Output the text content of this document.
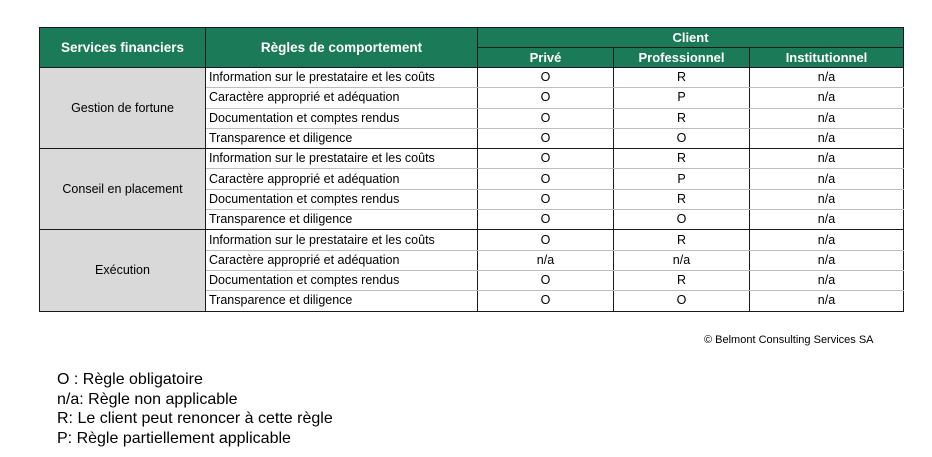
Services financiers	Règles de comportement	Client		
		Privé	Professionnel	Institutionnel
Gestion de fortune	Information sur le prestataire et les coûts	O	R	n/a
	Caractère approprié et adéquation	O	P	n/a
	Documentation et comptes rendus	O	R	n/a
	Transparence et diligence	O	O	n/a
Conseil en placement	Information sur le prestataire et les coûts	O	R	n/a
	Caractère approprié et adéquation	O	P	n/a
	Documentation et comptes rendus	O	R	n/a
	Transparence et diligence	O	O	n/a
Exécution	Information sur le prestataire et les coûts	O	R	n/a
	Caractère approprié et adéquation	n/a	n/a	n/a
	Documentation et comptes rendus	O	R	n/a
	Transparence et diligence	O	O	n/a
© Belmont Consulting Services SA
O : Règle obligatoire
n/a: Règle non applicable
R: Le client peut renoncer à cette règle
P: Règle partiellement applicable
